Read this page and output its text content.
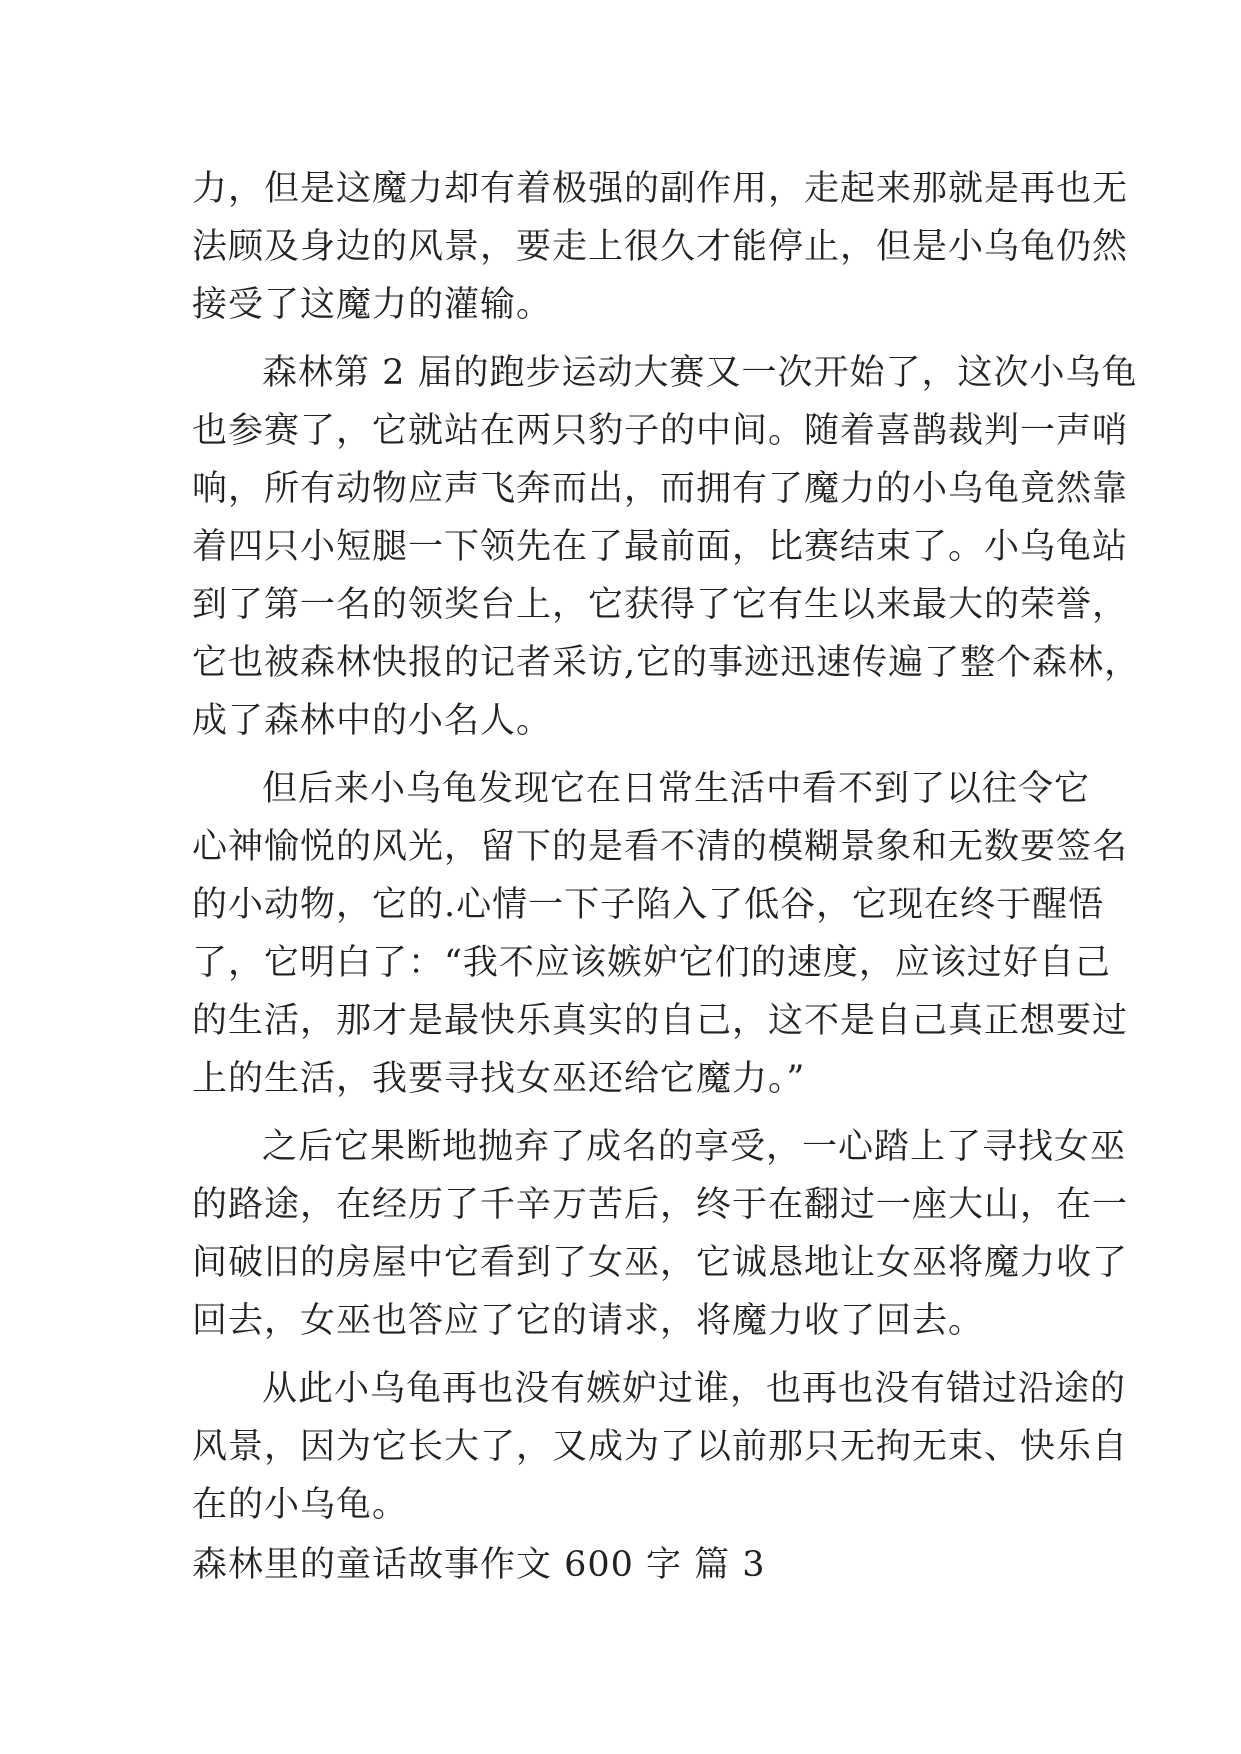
力，但是这魔力却有着极强的副作用，走起来那就是再也无
法顾及身边的风景，要走上很久才能停止，但是小乌龟仍然
接受了这魔力的灌输。
森林第 2 届的跑步运动大赛又一次开始了，这次小乌龟
也参赛了，它就站在两只豹子的中间。随着喜鹊裁判一声哨
响，所有动物应声飞奔而出，而拥有了魔力的小乌龟竟然靠
着四只小短腿一下领先在了最前面，比赛结束了。小乌龟站
到了第一名的领奖台上，它获得了它有生以来最大的荣誉，
它也被森林快报的记者采访,它的事迹迅速传遍了整个森林，
成了森林中的小名人。
但后来小乌龟发现它在日常生活中看不到了以往令它
心神愉悦的风光，留下的是看不清的模糊景象和无数要签名
的小动物，它的.心情一下子陷入了低谷，它现在终于醒悟
了，它明白了：“我不应该嫉妒它们的速度，应该过好自己
的生活，那才是最快乐真实的自己，这不是自己真正想要过
上的生活，我要寻找女巫还给它魔力。”
之后它果断地抛弃了成名的享受，一心踏上了寻找女巫
的路途，在经历了千辛万苦后，终于在翻过一座大山，在一
间破旧的房屋中它看到了女巫，它诚恳地让女巫将魔力收了
回去，女巫也答应了它的请求，将魔力收了回去。
从此小乌龟再也没有嫉妒过谁，也再也没有错过沿途的
风景，因为它长大了，又成为了以前那只无拘无束、快乐自
在的小乌龟。
森林里的童话故事作文 600 字 篇 3
